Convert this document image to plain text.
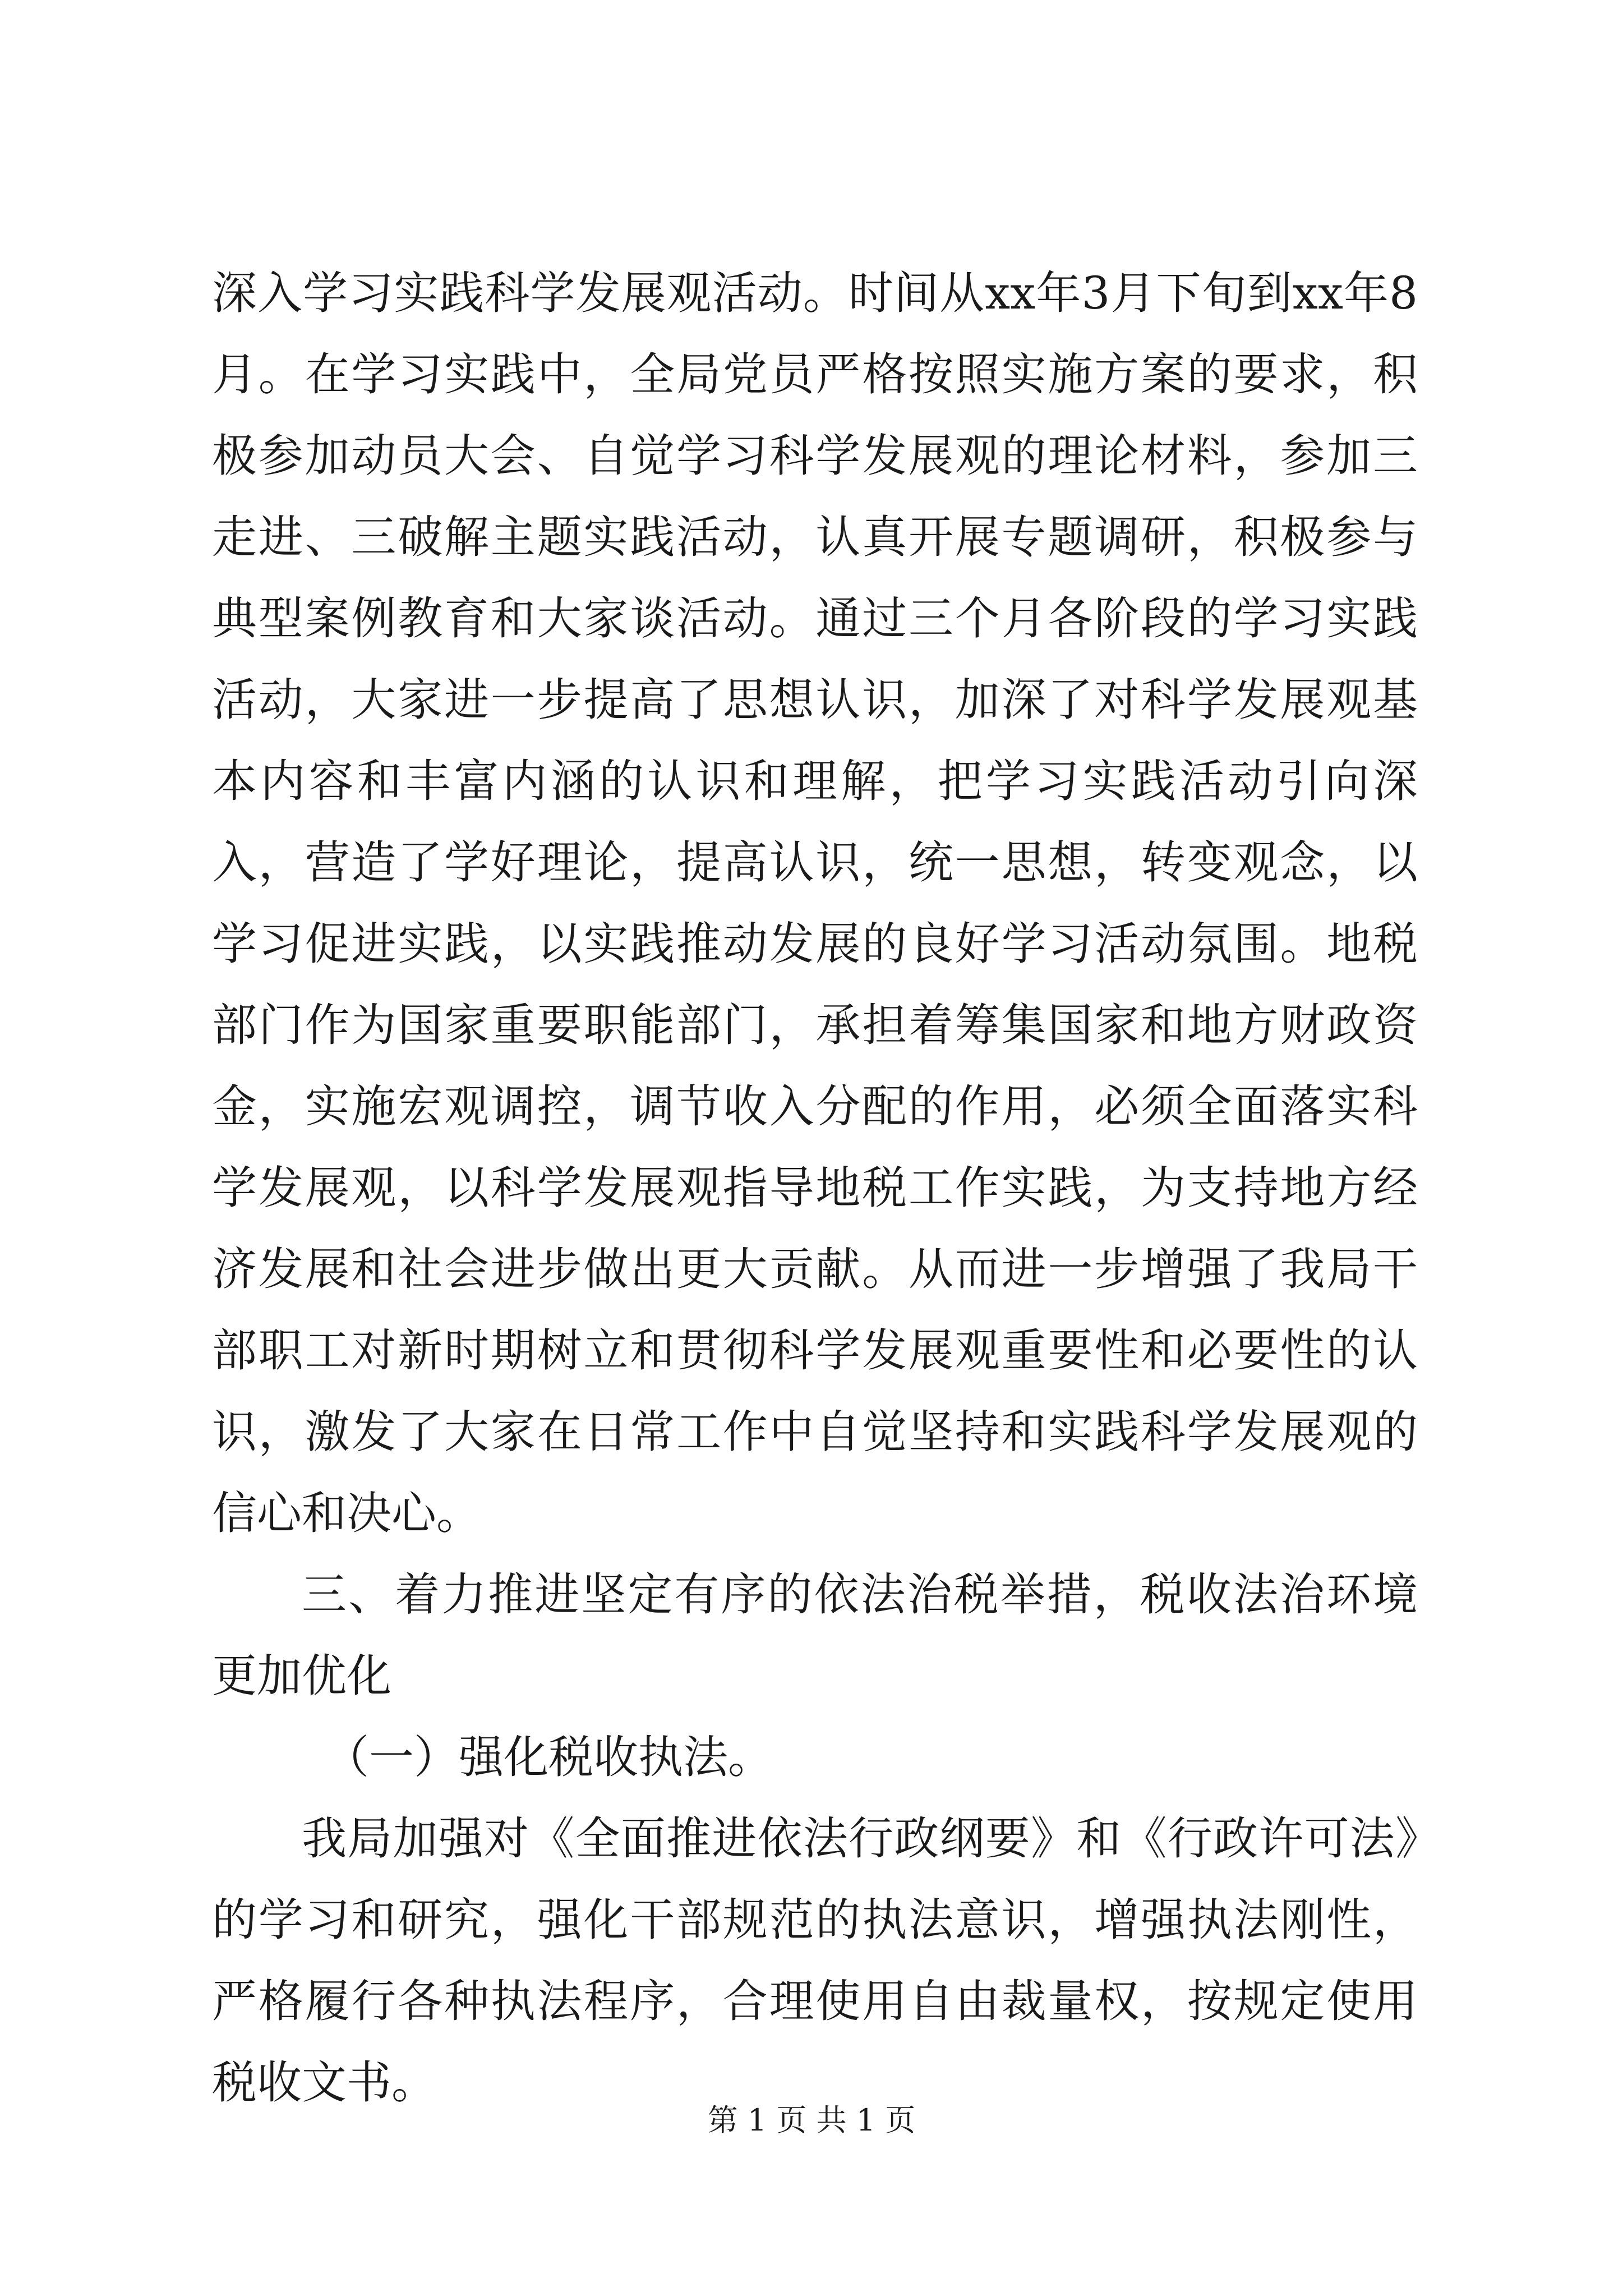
深入学习实践科学发展观活动。时间从xx年3月下旬到xx年8月。在学习实践中，全局党员严格按照实施方案的要求，积极参加动员大会、自觉学习科学发展观的理论材料，参加三走进、三破解主题实践活动，认真开展专题调研，积极参与典型案例教育和大家谈活动。通过三个月各阶段的学习实践活动，大家进一步提高了思想认识，加深了对科学发展观基本内容和丰富内涵的认识和理解，把学习实践活动引向深入，营造了学好理论，提高认识，统一思想，转变观念，以学习促进实践，以实践推动发展的良好学习活动氛围。地税部门作为国家重要职能部门，承担着筹集国家和地方财政资金，实施宏观调控，调节收入分配的作用，必须全面落实科学发展观，以科学发展观指导地税工作实践，为支持地方经济发展和社会进步做出更大贡献。从而进一步增强了我局干部职工对新时期树立和贯彻科学发展观重要性和必要性的认识，激发了大家在日常工作中自觉坚持和实践科学发展观的信心和决心。

三、着力推进坚定有序的依法治税举措，税收法治环境更加优化

（一）强化税收执法。

我局加强对《全面推进依法行政纲要》和《行政许可法》的学习和研究，强化干部规范的执法意识，增强执法刚性，严格履行各种执法程序，合理使用自由裁量权，按规定使用税收文书。

第 1 页 共 1 页
